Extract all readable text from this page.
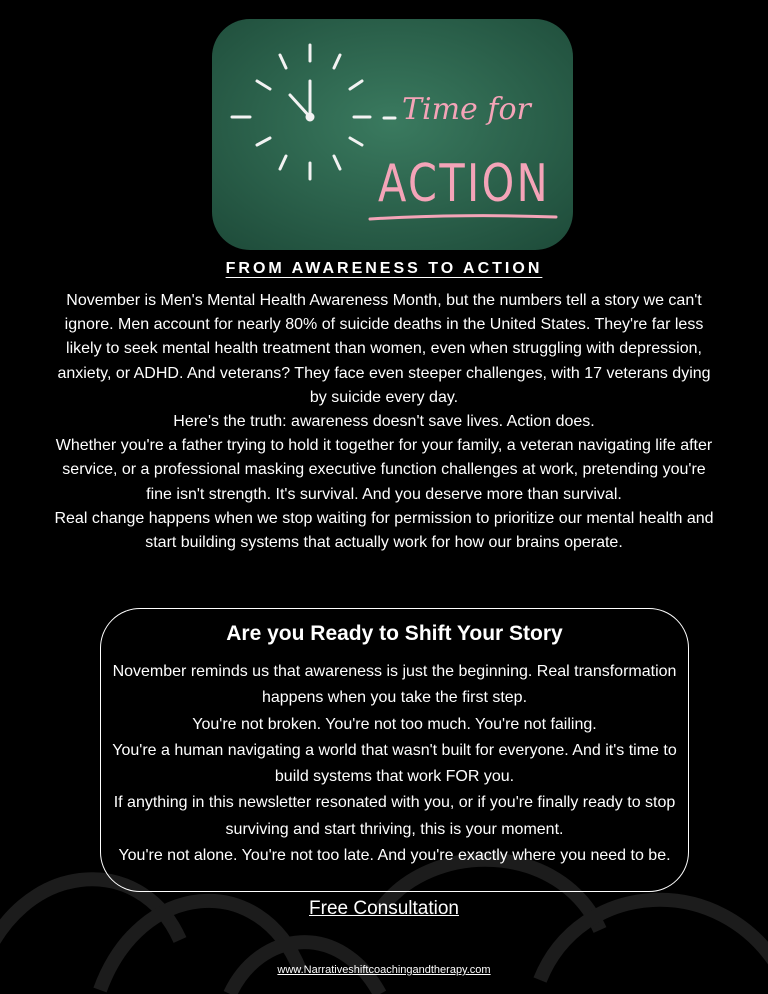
Time for
ACTION
FROM AWARENESS TO ACTION

November is Men's Mental Health Awareness Month, but the numbers tell a story we can't ignore. Men account for nearly 80% of suicide deaths in the United States. They're far less likely to seek mental health treatment than women, even when struggling with depression, anxiety, or ADHD. And veterans? They face even steeper challenges, with 17 veterans dying by suicide every day.

Here's the truth: awareness doesn't save lives. Action does.

Whether you're a father trying to hold it together for your family, a veteran navigating life after service, or a professional masking executive function challenges at work, pretending you're fine isn't strength. It's survival. And you deserve more than survival.

Real change happens when we stop waiting for permission to prioritize our mental health and start building systems that actually work for how our brains operate.

Are you Ready to Shift Your Story

November reminds us that awareness is just the beginning. Real transformation happens when you take the first step.

You're not broken. You're not too much. You're not failing.

You're a human navigating a world that wasn't built for everyone. And it's time to build systems that work FOR you.

If anything in this newsletter resonated with you, or if you're finally ready to stop surviving and start thriving, this is your moment.

You're not alone. You're not too late. And you're exactly where you need to be.

Free Consultation
www.Narrativeshiftcoachingandtherapy.com
